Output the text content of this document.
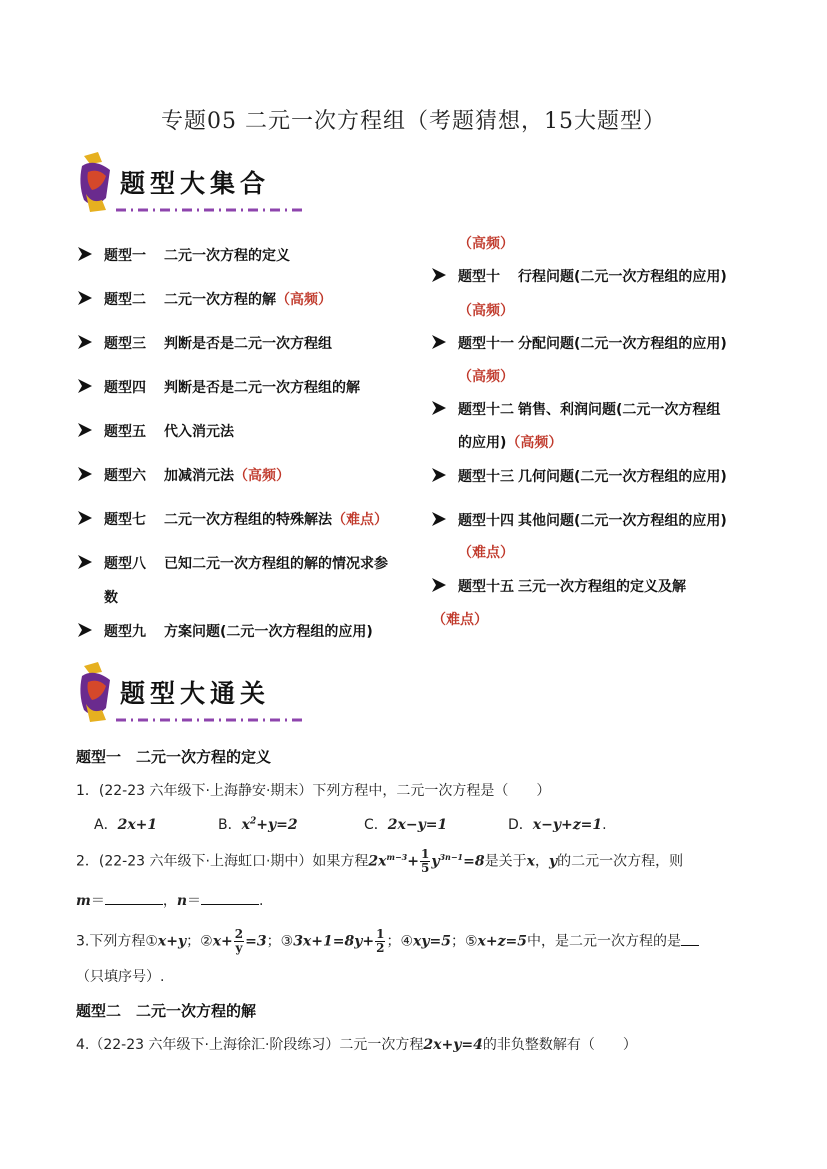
专题05 二元一次方程组（考题猜想，15大题型）
题型大集合
题型一 二元一次方程的定义
题型二 二元一次方程的解（高频）
题型三 判断是否是二元一次方程组
题型四 判断是否是二元一次方程组的解
题型五 代入消元法
题型六 加减消元法（高频）
题型七 二元一次方程组的特殊解法（难点）
题型八 已知二元一次方程组的解的情况求参
题型九 方案问题(二元一次方程组的应用)
数
（高频）
题型十 行程问题(二元一次方程组的应用)
（高频）
题型十一 分配问题(二元一次方程组的应用)
（高频）
题型十二 销售、利润问题(二元一次方程组
题型十三 几何问题(二元一次方程组的应用)
题型十四 其他问题(二元一次方程组的应用)
（难点）
题型十五 三元一次方程组的定义及解
（难点）
的应用)（高频）
题型大通关
题型一　二元一次方程的定义
1．(22-23 六年级下·上海静安·期末）下列方程中，二元一次方程是（　　）
A．2x+1	B．$x^2+y=2$	C．2x−y=1	D．x−y+z=1.
2．(22-23 六年级下·上海虹口·期中）如果方程$2x^{m-3}+ \frac{1}{5} y^{3n-1}=8$是关于x，y的二元一次方程，则
m＝	，n＝	.
3.下列方程①x+y；②x+ $\frac{2}{y} =3$；③3x+1=8y+ $\frac{1}{2}$ ；④xy=5；⑤x+z=5中，是二元一次方程的是
（只填序号）.
题型二　二元一次方程的解
4.（22-23 六年级下·上海徐汇·阶段练习）二元一次方程2x+y=4的非负整数解有（　　）
